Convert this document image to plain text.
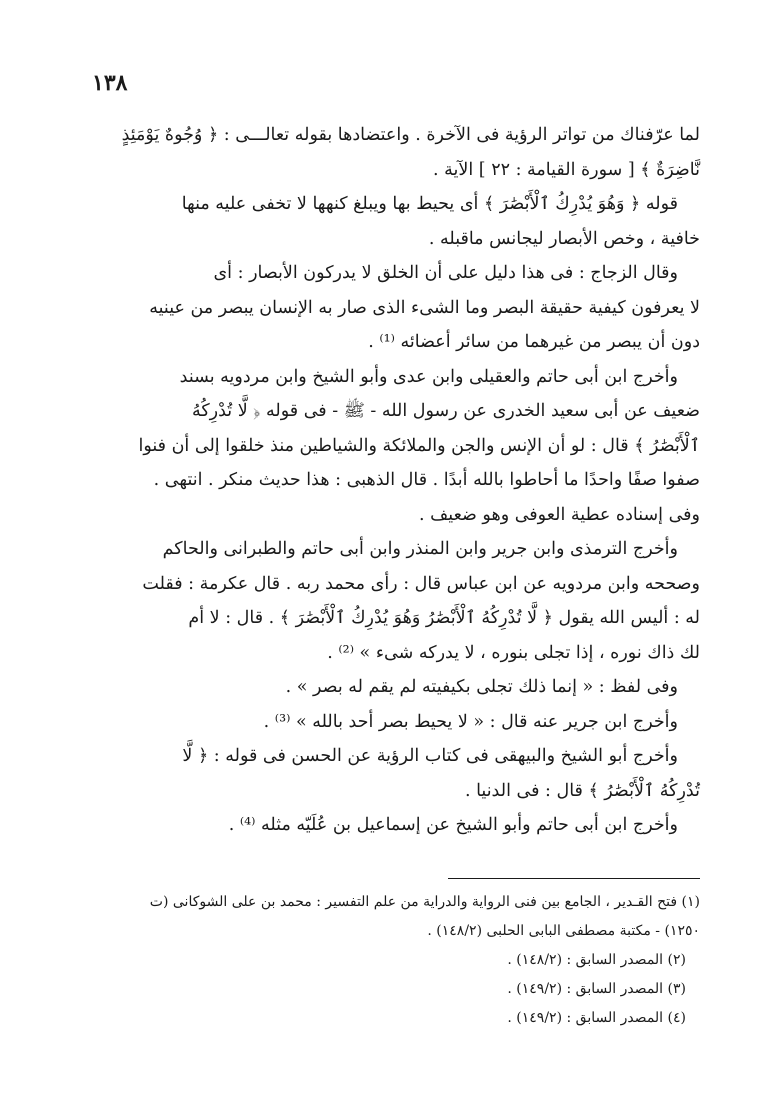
١٣٨

لما عرّفناك من تواتر الرؤية فى الآخرة . واعتضادها بقوله تعالـــى : ﴿ وُجُوهٌ يَوْمَئِذٍ

نَّاضِرَةٌ ﴾ [ سورة القيامة : ٢٢ ] الآية .

قوله ﴿ وَهُوَ يُدْرِكُ ٱلْأَبْصَٰرَ ﴾ أى يحيط بها ويبلغ كنهها لا تخفى عليه منها

خافية ، وخص الأبصار ليجانس ماقبله .

وقال الزجاج : فى هذا دليل على أن الخلق لا يدركون الأبصار : أى

لا يعرفون كيفية حقيقة البصر وما الشىء الذى صار به الإنسان يبصر من عينيه

دون أن يبصر من غيرهما من سائر أعضائه ⁽¹⁾ .

وأخرج ابن أبى حاتم والعقيلى وابن عدى وأبو الشيخ وابن مردويه بسند

ضعيف عن أبى سعيد الخدرى عن رسول الله - ﷺ - فى قوله ﴿ لَّا تُدْرِكُهُ

ٱلْأَبْصَٰرُ ﴾ قال : لو أن الإنس والجن والملائكة والشياطين منذ خلقوا إلى أن فنوا

صفوا صفًا واحدًا ما أحاطوا بالله أبدًا . قال الذهبى : هذا حديث منكر . انتهى .

وفى إسناده عطية العوفى وهو ضعيف .

وأخرج الترمذى وابن جرير وابن المنذر وابن أبى حاتم والطبرانى والحاكم

وصححه وابن مردويه عن ابن عباس قال : رأى محمد ربه . قال عكرمة : فقلت

له : أليس الله يقول ﴿ لَّا تُدْرِكُهُ ٱلْأَبْصَٰرُ وَهُوَ يُدْرِكُ ٱلْأَبْصَٰرَ ﴾ . قال : لا أم

لك ذاك نوره ، إذا تجلى بنوره ، لا يدركه شىء » ⁽²⁾ .

وفى لفظ : « إنما ذلك تجلى بكيفيته لم يقم له بصر » .

وأخرج ابن جرير عنه قال : « لا يحيط بصر أحد بالله » ⁽³⁾ .

وأخرج أبو الشيخ والبيهقى فى كتاب الرؤية عن الحسن فى قوله : ﴿ لَّا

تُدْرِكُهُ ٱلْأَبْصَٰرُ ﴾ قال : فى الدنيا .

وأخرج ابن أبى حاتم وأبو الشيخ عن إسماعيل بن عُلَيّه مثله ⁽⁴⁾ .

(١) فتح القـدير ، الجامع بين فنى الرواية والدراية من علم التفسير : محمد بن على الشوكانى (ت

١٢٥٠) - مكتبة مصطفى البابى الحلبى (١٤٨/٢) .

(٢) المصدر السابق : (١٤٨/٢) .

(٣) المصدر السابق : (١٤٩/٢) .

(٤) المصدر السابق : (١٤٩/٢) .
